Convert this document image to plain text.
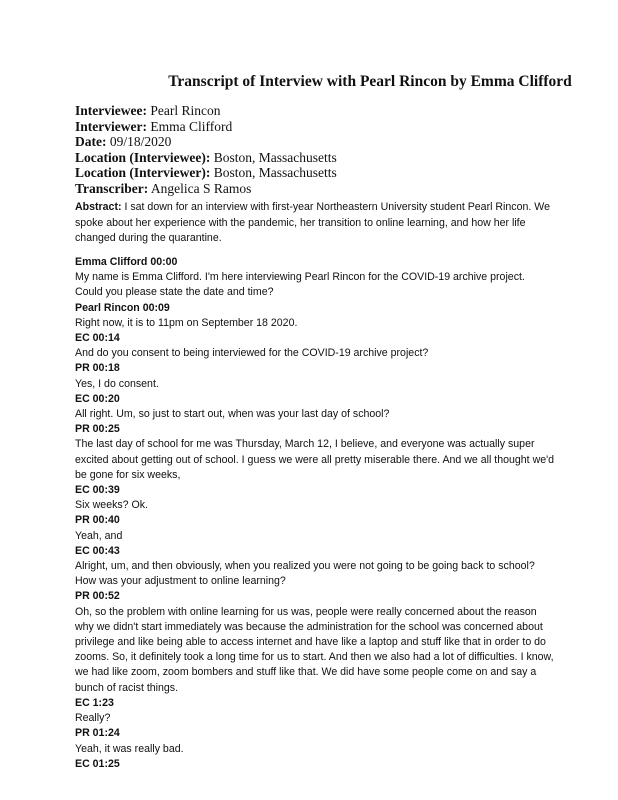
Transcript of Interview with Pearl Rincon by Emma Clifford
Interviewee: Pearl Rincon
Interviewer: Emma Clifford
Date: 09/18/2020
Location (Interviewee): Boston, Massachusetts
Location (Interviewer): Boston, Massachusetts
Transcriber: Angelica S Ramos
Abstract: I sat down for an interview with first-year Northeastern University student Pearl Rincon. We spoke about her experience with the pandemic, her transition to online learning, and how her life changed during the quarantine.
Emma Clifford 00:00
My name is Emma Clifford. I'm here interviewing Pearl Rincon for the COVID-19 archive project. Could you please state the date and time?
Pearl Rincon 00:09
Right now, it is to 11pm on September 18 2020.
EC 00:14
And do you consent to being interviewed for the COVID-19 archive project?
PR 00:18
Yes, I do consent.
EC 00:20
All right. Um, so just to start out, when was your last day of school?
PR 00:25
The last day of school for me was Thursday, March 12, I believe, and everyone was actually super excited about getting out of school. I guess we were all pretty miserable there. And we all thought we'd be gone for six weeks,
EC 00:39
Six weeks? Ok.
PR 00:40
Yeah, and
EC 00:43
Alright, um, and then obviously, when you realized you were not going to be going back to school? How was your adjustment to online learning?
PR 00:52
Oh, so the problem with online learning for us was, people were really concerned about the reason why we didn't start immediately was because the administration for the school was concerned about privilege and like being able to access internet and have like a laptop and stuff like that in order to do zooms. So, it definitely took a long time for us to start. And then we also had a lot of difficulties. I know, we had like zoom, zoom bombers and stuff like that. We did have some people come on and say a bunch of racist things.
EC 1:23
Really?
PR 01:24
Yeah, it was really bad.
EC 01:25
